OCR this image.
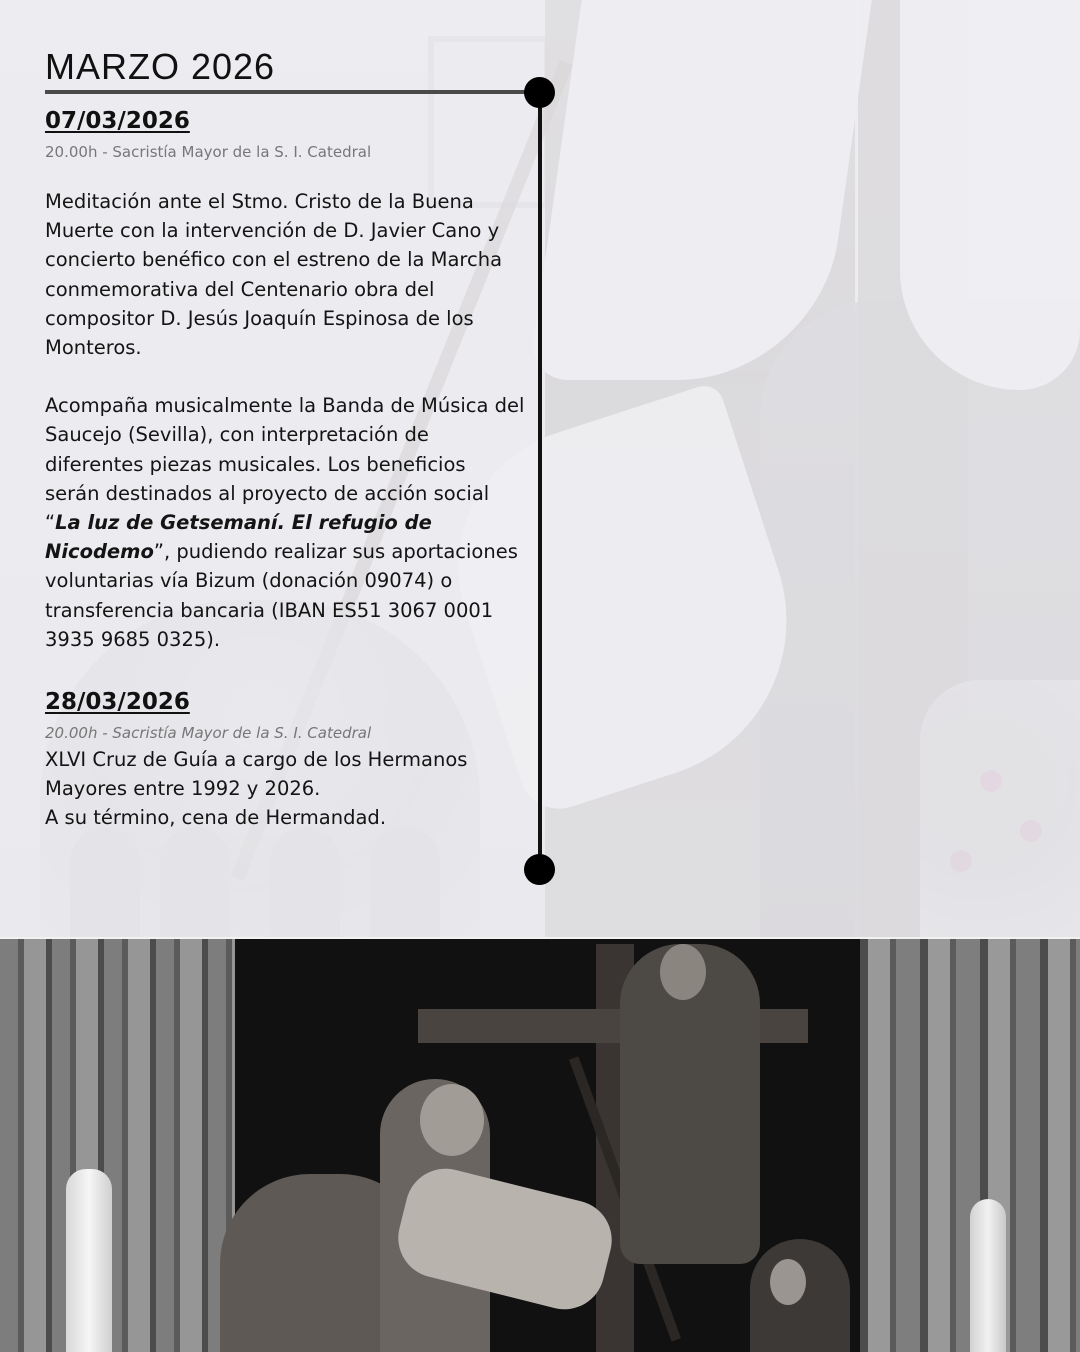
MARZO 2026
07/03/2026
20.00h - Sacristía Mayor de la S. I. Catedral

Meditación ante el Stmo. Cristo de la Buena Muerte con la intervención de D. Javier Cano y concierto benéfico con el estreno de la Marcha conmemorativa del Centenario obra del compositor D. Jesús Joaquín Espinosa de los Monteros.

Acompaña musicalmente la Banda de Música del Saucejo (Sevilla), con interpretación de diferentes piezas musicales. Los beneficios serán destinados al proyecto de acción social “La luz de Getsemaní. El refugio de Nicodemo”, pudiendo realizar sus aportaciones voluntarias vía Bizum (donación 09074) o transferencia bancaria (IBAN ES51 3067 0001 3935 9685 0325).

28/03/2026
20.00h - Sacristía Mayor de la S. I. Catedral

XLVI Cruz de Guía a cargo de los Hermanos Mayores entre 1992 y 2026.

A su término, cena de Hermandad.
